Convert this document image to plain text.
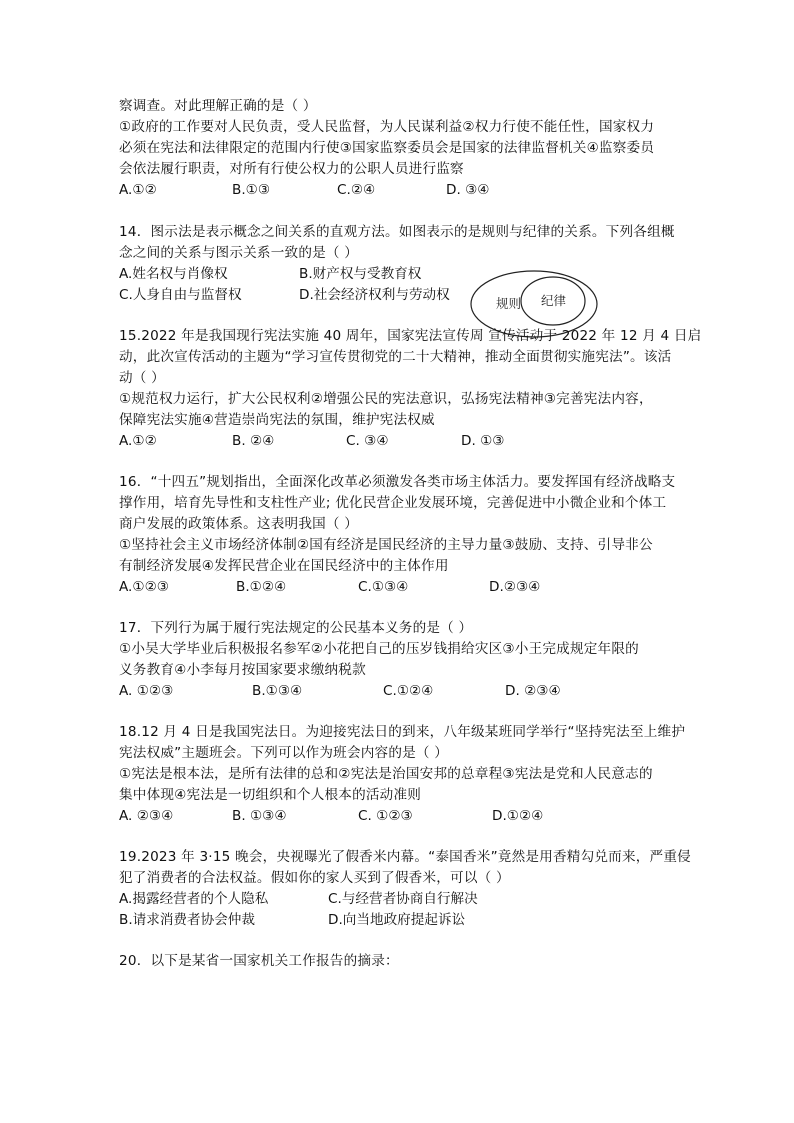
察调查。对此理解正确的是（ ）
①政府的工作要对人民负责，受人民监督，为人民谋利益②权力行使不能任性，国家权力
必须在宪法和法律限定的范围内行使③国家监察委员会是国家的法律监督机关④监察委员
会依法履行职责，对所有行使公权力的公职人员进行监察
A.①②	B.①③	C.②④	D. ③④
14．图示法是表示概念之间关系的直观方法。如图表示的是规则与纪律的关系。下列各组概
念之间的关系与图示关系一致的是（ ）
A.姓名权与肖像权	B.财产权与受教育权
C.人身自由与监督权	D.社会经济权利与劳动权
规则 纪律
15.2022 年是我国现行宪法实施 40 周年，国家宪法宣传周 宣传活动于 2022 年 12 月 4 日启
动，此次宣传活动的主题为“学习宣传贯彻党的二十大精神，推动全面贯彻实施宪法”。该活
动（ ）
①规范权力运行，扩大公民权利②增强公民的宪法意识，弘扬宪法精神③完善宪法内容，
保障宪法实施④营造崇尚宪法的氛围，维护宪法权威
A.①②	B. ②④	C. ③④	D. ①③
16．“十四五”规划指出，全面深化改革必须激发各类市场主体活力。要发挥国有经济战略支
撑作用，培育先导性和支柱性产业; 优化民营企业发展环境，完善促进中小微企业和个体工
商户发展的政策体系。这表明我国（ ）
①坚持社会主义市场经济体制②国有经济是国民经济的主导力量③鼓励、支持、引导非公
有制经济发展④发挥民营企业在国民经济中的主体作用
A.①②③	B.①②④	C.①③④	D.②③④
17．下列行为属于履行宪法规定的公民基本义务的是（ ）
①小吴大学毕业后积极报名参军②小花把自己的压岁钱捐给灾区③小王完成规定年限的
义务教育④小李每月按国家要求缴纳税款
A. ①②③	B.①③④	C.①②④	D. ②③④
18.12 月 4 日是我国宪法日。为迎接宪法日的到来，八年级某班同学举行“坚持宪法至上维护
宪法权威”主题班会。下列可以作为班会内容的是（ ）
①宪法是根本法，是所有法律的总和②宪法是治国安邦的总章程③宪法是党和人民意志的
集中体现④宪法是一切组织和个人根本的活动准则
A. ②③④	B. ①③④	C. ①②③	D.①②④
19.2023 年 3·15 晚会，央视曝光了假香米内幕。“泰国香米”竟然是用香精勾兑而来，严重侵
犯了消费者的合法权益。假如你的家人买到了假香米，可以（ ）
A.揭露经营者的个人隐私	C.与经营者协商自行解决
B.请求消费者协会仲裁	D.向当地政府提起诉讼
20．以下是某省一国家机关工作报告的摘录：
